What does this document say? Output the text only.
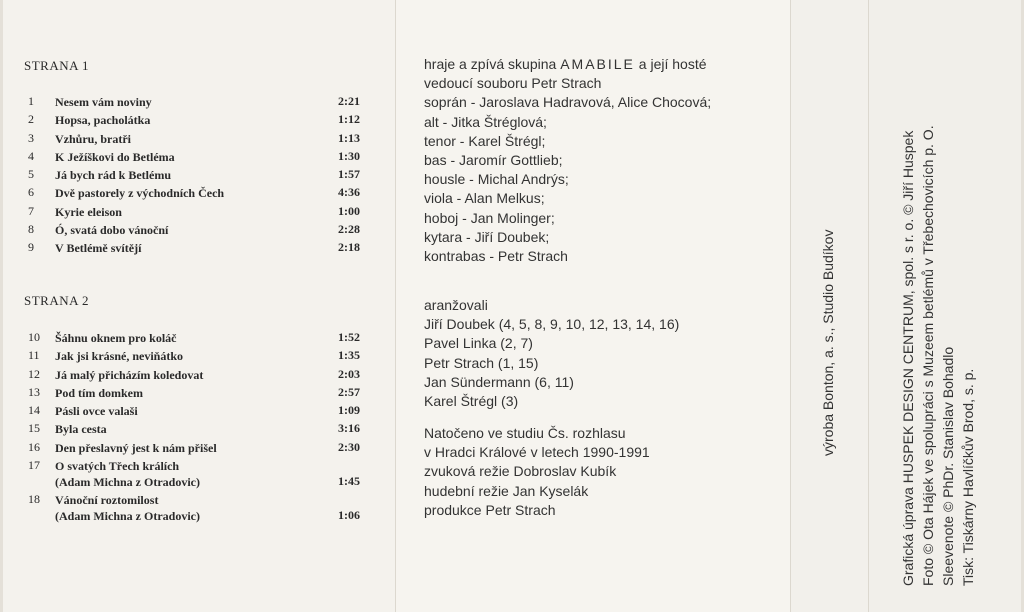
STRANA 1
1	Nesem vám noviny	2:21
2	Hopsa, pacholátka	1:12
3	Vzhůru, bratři	1:13
4	K Ježíškovi do Betléma	1:30
5	Já bych rád k Betlému	1:57
6	Dvě pastorely z východních Čech	4:36
7	Kyrie eleison	1:00
8	Ó, svatá dobo vánoční	2:28
9	V Betlémě svítějí	2:18
STRANA 2
10	Šáhnu oknem pro koláč	1:52
11	Jak jsi krásné, neviňátko	1:35
12	Já malý přicházím koledovat	2:03
13	Pod tím domkem	2:57
14	Pásli ovce valaši	1:09
15	Byla cesta	3:16
16	Den přeslavný jest k nám přišel	2:30
17	O svatých Třech králích
(Adam Michna z Otradovic)	1:45
18	Vánoční roztomilost
(Adam Michna z Otradovic)	1:06
hraje a zpívá skupina AMABILE a její hosté
vedoucí souboru Petr Strach
soprán - Jaroslava Hadravová, Alice Chocová;
alt - Jitka Štréglová;
tenor - Karel Štrégl;
bas - Jaromír Gottlieb;
housle - Michal Andrýs;
viola - Alan Melkus;
hoboj - Jan Molinger;
kytara - Jiří Doubek;
kontrabas - Petr Strach
aranžovali
Jiří Doubek (4, 5, 8, 9, 10, 12, 13, 14, 16)
Pavel Linka (2, 7)
Petr Strach (1, 15)
Jan Sündermann (6, 11)
Karel Štrégl (3)
Natočeno ve studiu Čs. rozhlasu
v Hradci Králové v letech 1990-1991
zvuková režie Dobroslav Kubík
hudební režie Jan Kyselák
produkce Petr Strach
výroba Bonton, a. s., Studio Budíkov	Grafická úprava HUSPEK DESIGN CENTRUM, spol. s r. o. © Jiří Huspek Foto © Ota Hájek ve spolupráci s Muzeem betlémů v Třebechovicích p. O. Sleevenote © PhDr. Stanislav Bohadlo Tisk: Tiskárny Havlíčkův Brod, s. p.
